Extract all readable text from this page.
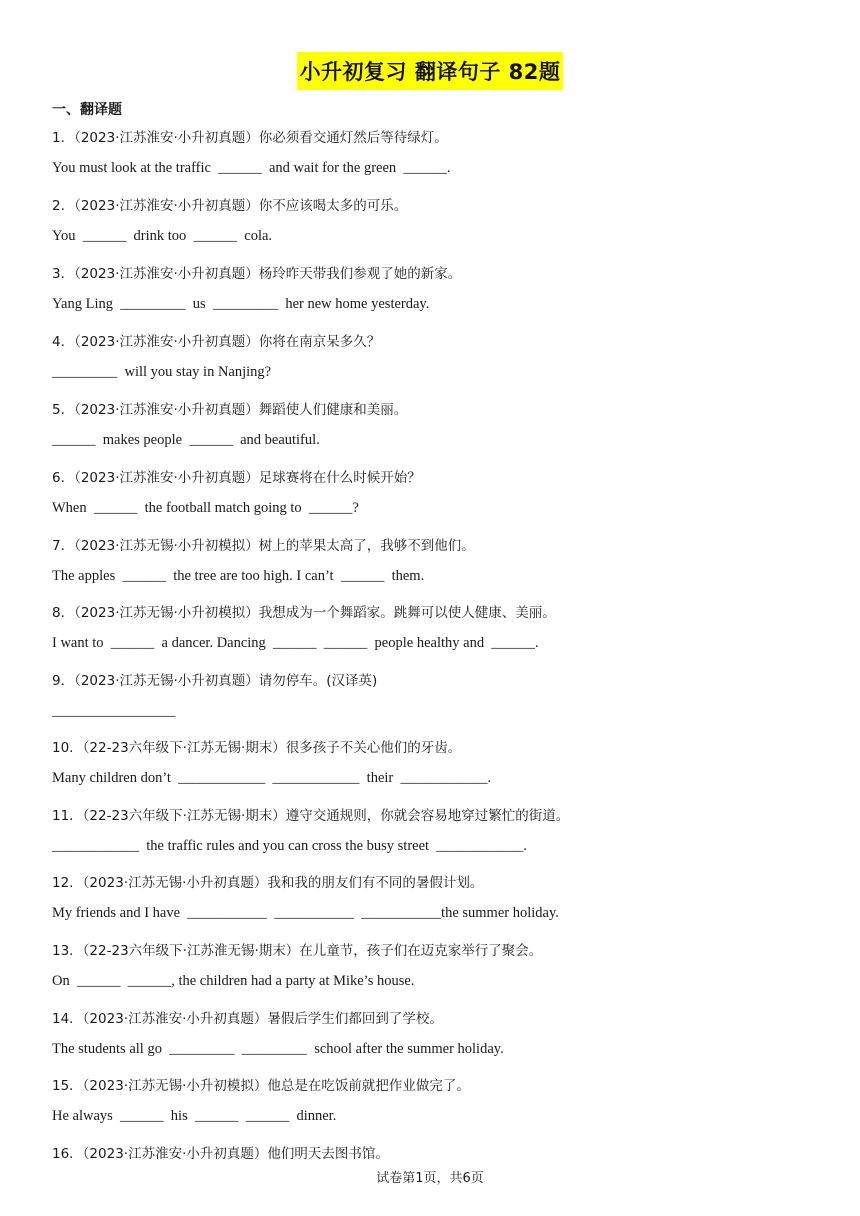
小升初复习 翻译句子 82题
一、翻译题
1．（2023·江苏淮安·小升初真题）你必须看交通灯然后等待绿灯。
You must look at the traffic  ______  and wait for the green  ______.
2．（2023·江苏淮安·小升初真题）你不应该喝太多的可乐。
You  ______  drink too  ______  cola.
3．（2023·江苏淮安·小升初真题）杨玲昨天带我们参观了她的新家。
Yang Ling  _________  us  _________  her new home yesterday.
4．（2023·江苏淮安·小升初真题）你将在南京呆多久？
_________  will you stay in Nanjing?
5．（2023·江苏淮安·小升初真题）舞蹈使人们健康和美丽。
______  makes people  ______  and beautiful.
6．（2023·江苏淮安·小升初真题）足球赛将在什么时候开始？
When  ______  the football match going to  ______?
7．（2023·江苏无锡·小升初模拟）树上的苹果太高了，我够不到他们。
The apples  ______  the tree are too high. I can’t  ______  them.
8．（2023·江苏无锡·小升初模拟）我想成为一个舞蹈家。跳舞可以使人健康、美丽。
I want to  ______  a dancer. Dancing  ______  ______  people healthy and  ______.
9．（2023·江苏无锡·小升初真题）请勿停车。(汉译英)
_________________
10．（22-23六年级下·江苏无锡·期末）很多孩子不关心他们的牙齿。
Many children don’t  ____________  ____________  their  ____________.
11．（22-23六年级下·江苏无锡·期末）遵守交通规则，你就会容易地穿过繁忙的街道。
____________  the traffic rules and you can cross the busy street  ____________.
12．（2023·江苏无锡·小升初真题）我和我的朋友们有不同的暑假计划。
My friends and I have  ___________  ___________  ___________the summer holiday.
13．（22-23六年级下·江苏淮无锡·期末）在儿童节，孩子们在迈克家举行了聚会。
On  ______  ______, the children had a party at Mike’s house.
14．（2023·江苏淮安·小升初真题）暑假后学生们都回到了学校。
The students all go  _________  _________  school after the summer holiday.
15．（2023·江苏无锡·小升初模拟）他总是在吃饭前就把作业做完了。
He always  ______  his  ______  ______  dinner.
16．（2023·江苏淮安·小升初真题）他们明天去图书馆。
试卷第1页，共6页
